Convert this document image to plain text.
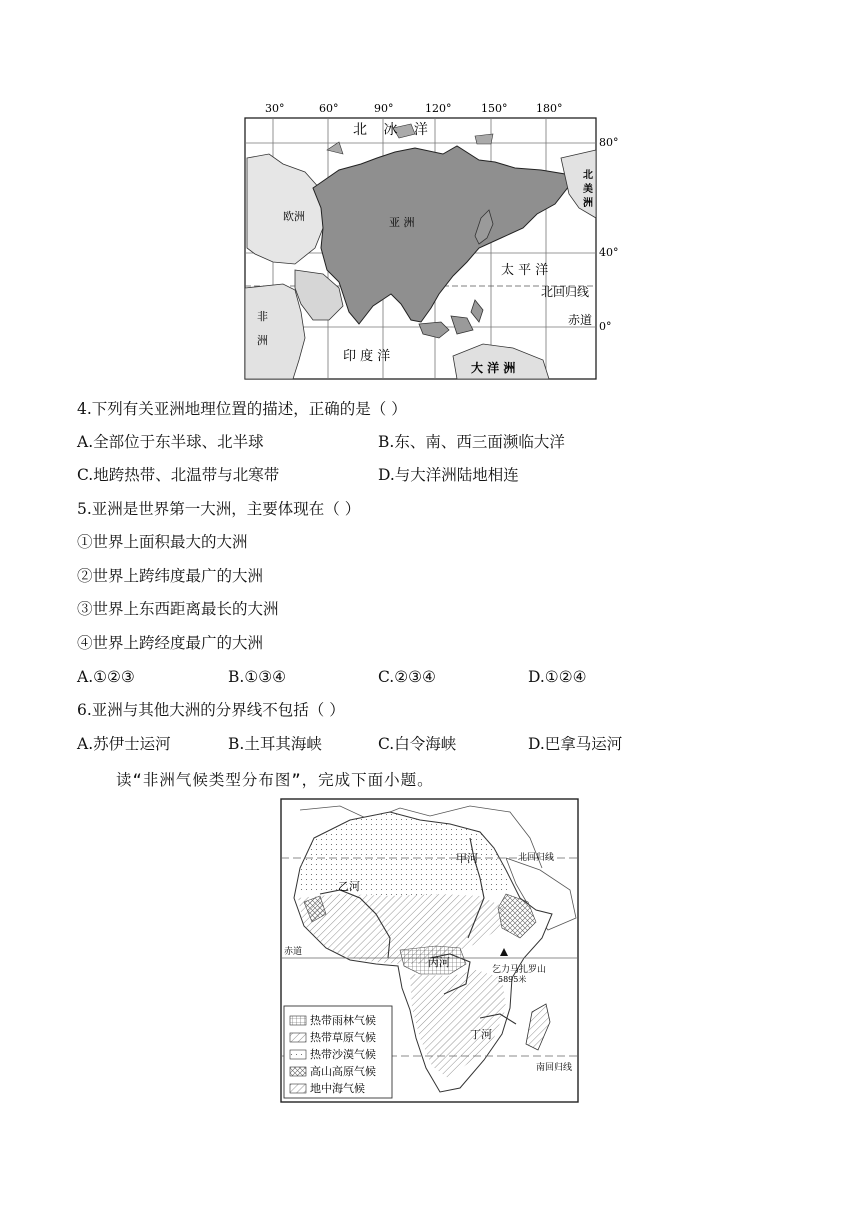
30°	60°	90°	120°	150°	180°
80°
40°
0°
北 冰 洋
太 平 洋
北回归线
赤道
印 度 洋
欧洲	亚 洲
非
洲
北
美
洲
大 洋 洲
4.下列有关亚洲地理位置的描述，正确的是（ ）
A.全部位于东半球、北半球	B.东、南、西三面濒临大洋
C.地跨热带、北温带与北寒带	D.与大洋洲陆地相连
5.亚洲是世界第一大洲，主要体现在（ ）
①世界上面积最大的大洲
②世界上跨纬度最广的大洲
③世界上东西距离最长的大洲
④世界上跨经度最广的大洲
A.①②③	B.①③④	C.②③④	D.①②④
6.亚洲与其他大洲的分界线不包括（ ）
A.苏伊士运河	B.土耳其海峡	C.白令海峡	D.巴拿马运河
读“非洲气候类型分布图”，完成下面小题。
甲河	北回归线
乙河
赤道
丙河
乞力马扎罗山
5895米
丁河
南回归线
热带雨林气候
热带草原气候
热带沙漠气候
高山高原气候
地中海气候
